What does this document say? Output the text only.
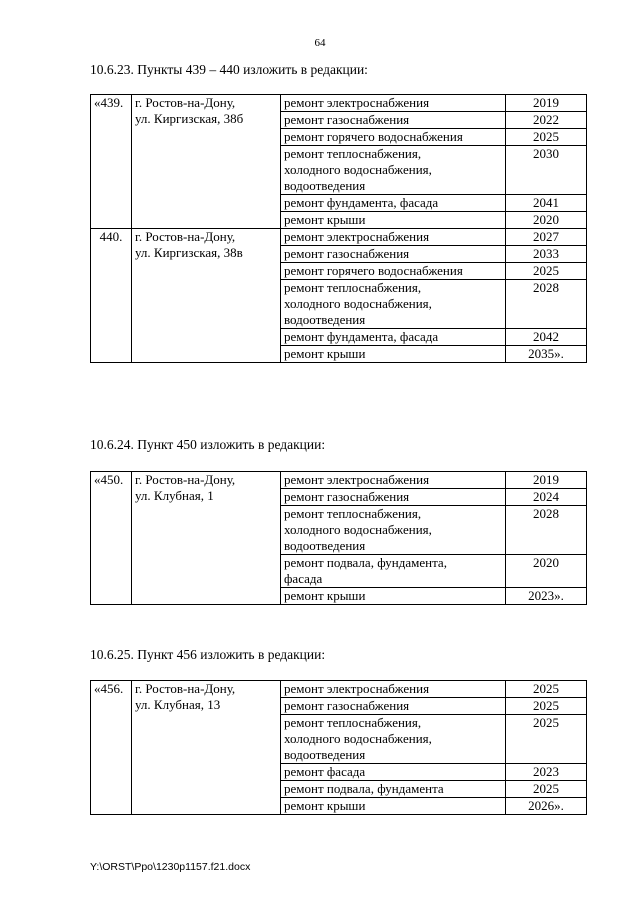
64
10.6.23. Пункты 439 – 440 изложить в редакции:
«439.	г. Ростов-на-Дону,
ул. Киргизская, 38б	ремонт электроснабжения	2019
		ремонт газоснабжения	2022
		ремонт горячего водоснабжения	2025
		ремонт теплоснабжения,
холодного водоснабжения,
водоотведения	2030
		ремонт фундамента, фасада	2041
		ремонт крыши	2020
440.	г. Ростов-на-Дону,
ул. Киргизская, 38в	ремонт электроснабжения	2027
		ремонт газоснабжения	2033
		ремонт горячего водоснабжения	2025
		ремонт теплоснабжения,
холодного водоснабжения,
водоотведения	2028
		ремонт фундамента, фасада	2042
		ремонт крыши	2035».
10.6.24. Пункт 450 изложить в редакции:
«450.	г. Ростов-на-Дону,
ул. Клубная, 1	ремонт электроснабжения	2019
		ремонт газоснабжения	2024
		ремонт теплоснабжения,
холодного водоснабжения,
водоотведения	2028
		ремонт подвала, фундамента,
фасада	2020
		ремонт крыши	2023».
10.6.25. Пункт 456 изложить в редакции:
«456.	г. Ростов-на-Дону,
ул. Клубная, 13	ремонт электроснабжения	2025
		ремонт газоснабжения	2025
		ремонт теплоснабжения,
холодного водоснабжения,
водоотведения	2025
		ремонт фасада	2023
		ремонт подвала, фундамента	2025
		ремонт крыши	2026».
Y:\ORST\Ppo\1230p1157.f21.docx
